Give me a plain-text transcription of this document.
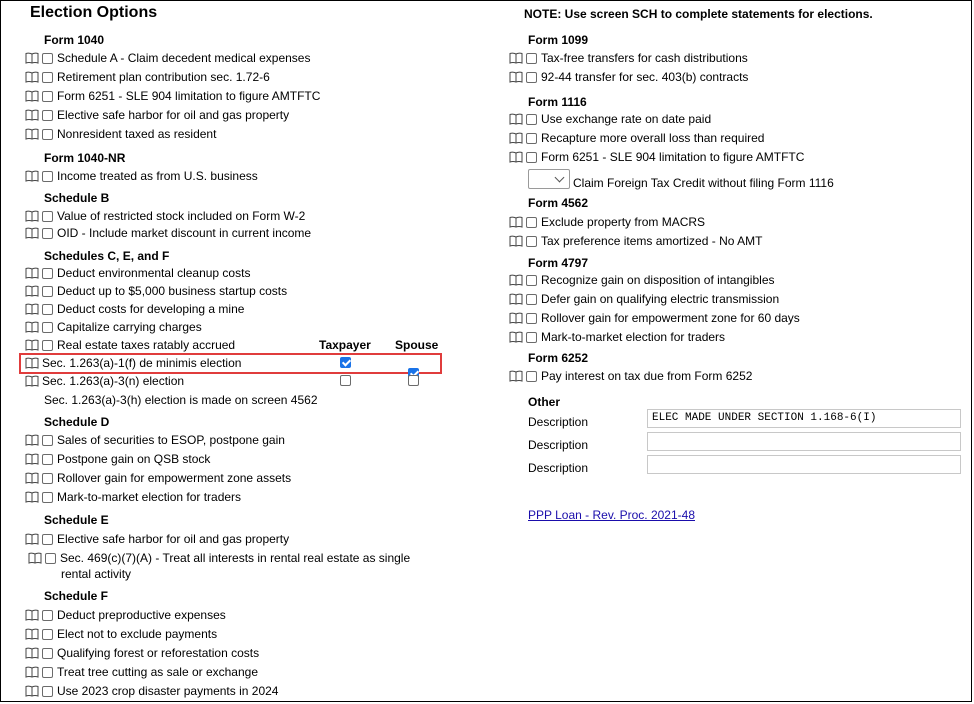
Election Options	NOTE: Use screen SCH to complete statements for elections.
Form 1040
Schedule A - Claim decedent medical expenses
Retirement plan contribution sec. 1.72-6
Form 6251 - SLE 904 limitation to figure AMTFTC
Elective safe harbor for oil and gas property
Nonresident taxed as resident
Form 1040-NR
Income treated as from U.S. business
Schedule B
Value of restricted stock included on Form W-2
OID - Include market discount in current income
Schedules C, E, and F
Deduct environmental cleanup costs
Deduct up to $5,000 business startup costs
Deduct costs for developing a mine
Capitalize carrying charges
Real estate taxes ratably accrued	Taxpayer Spouse
Sec. 1.263(a)-1(f) de minimis election
Sec. 1.263(a)-3(n) election
Sec. 1.263(a)-3(h) election is made on screen 4562
Schedule D
Sales of securities to ESOP, postpone gain
Postpone gain on QSB stock
Rollover gain for empowerment zone assets
Mark-to-market election for traders
Schedule E
Elective safe harbor for oil and gas property
Sec. 469(c)(7)(A) - Treat all interests in rental real estate as single
rental activity
Schedule F
Deduct preproductive expenses
Elect not to exclude payments
Qualifying forest or reforestation costs
Treat tree cutting as sale or exchange
Use 2023 crop disaster payments in 2024
Form 1099
Tax-free transfers for cash distributions
92-44 transfer for sec. 403(b) contracts
Form 1116
Use exchange rate on date paid
Recapture more overall loss than required
Form 6251 - SLE 904 limitation to figure AMTFTC
Claim Foreign Tax Credit without filing Form 1116
Form 4562
Exclude property from MACRS
Tax preference items amortized - No AMT
Form 4797
Recognize gain on disposition of intangibles
Defer gain on qualifying electric transmission
Rollover gain for empowerment zone for 60 days
Mark-to-market election for traders
Form 6252
Pay interest on tax due from Form 6252
Other
Description	ELEC MADE UNDER SECTION 1.168-6(I)
Description
Description
PPP Loan - Rev. Proc. 2021-48
